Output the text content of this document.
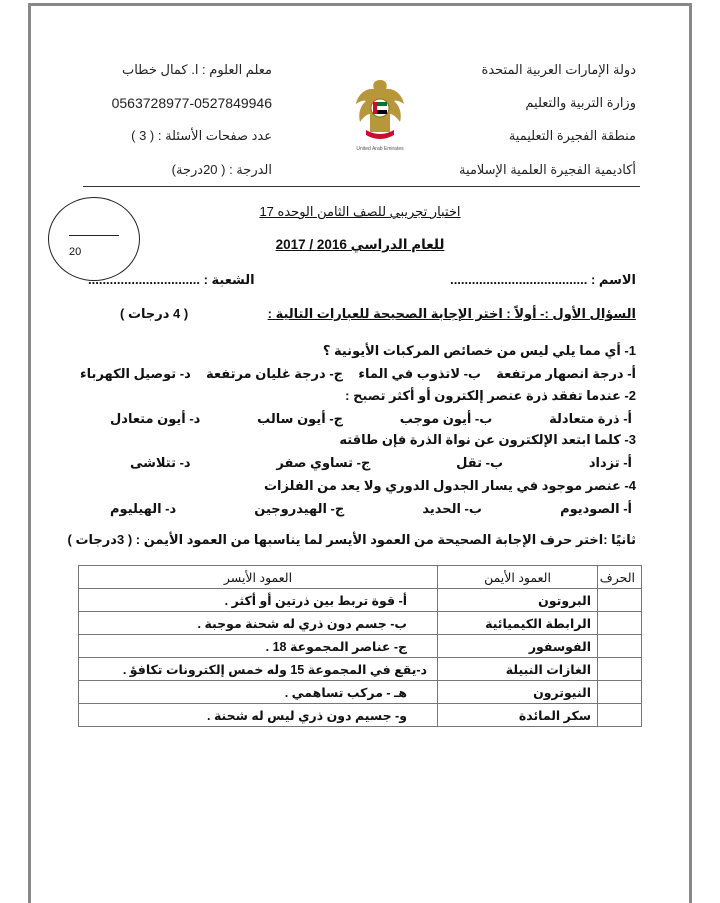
دولة الإمارات العربية المتحدة
وزارة التربية والتعليم
منطقة الفجيرة التعليمية
أكاديمية الفجيرة العلمية الإسلامية
معلم العلوم : ا. كمال خطاب
0563728977-0527849946
عدد صفحات الأسئلة : ( 3 )
الدرجة : ( 20درجة)
United Arab Emirates
20
اختبار تجريبي للصف الثامن الوحده 17
للعام الدراسي 2016 / 2017
الاسم : ......................................
الشعبة : ...............................
السؤال الأول :- أولاً : اختر الإجابة الصحيحة للعبارات التالية :
( 4 درجات )
1- أي مما يلي ليس من خصائص المركبات الأيونية ؟
أ- درجة انصهار مرتفعة
ب- لاتذوب في الماء
ج- درجة غليان مرتفعة
د- توصيل الكهرباء
2- عندما تفقد ذرة عنصر إلكترون أو أكثر تصبح :
أ- ذرة متعادلة
ب- أيون موجب
ج- أيون سالب
د- أيون متعادل
3- كلما ابتعد الإلكترون عن نواة الذرة فإن طاقته
أ- تزداد
ب- تقل
ج- تساوي صفر
د- تتلاشى
4- عنصر موجود في يسار الجدول الدوري ولا يعد من الفلزات
أ- الصوديوم
ب- الحديد
ج- الهيدروجين
د- الهيليوم
ثانيًا :اختر حرف الإجابة الصحيحة من العمود الأيسر لما يناسبها من العمود الأيمن : ( 3درجات )
الحرف	العمود الأيمن	العمود الأيسر
	البروتون	أ- قوة تربط بين ذرتين أو أكثر .
	الرابطة الكيميائية	ب- جسم دون ذري له شحنة موجبة .
	الفوسفور	ج- عناصر المجموعة 18 .
	الغازات النبيلة	د-يقع في المجموعة 15 وله خمس إلكترونات تكافؤ .
	النيوترون	هـ - مركب تساهمي .
	سكر المائدة	و- جسيم دون ذري ليس له شحنة .
